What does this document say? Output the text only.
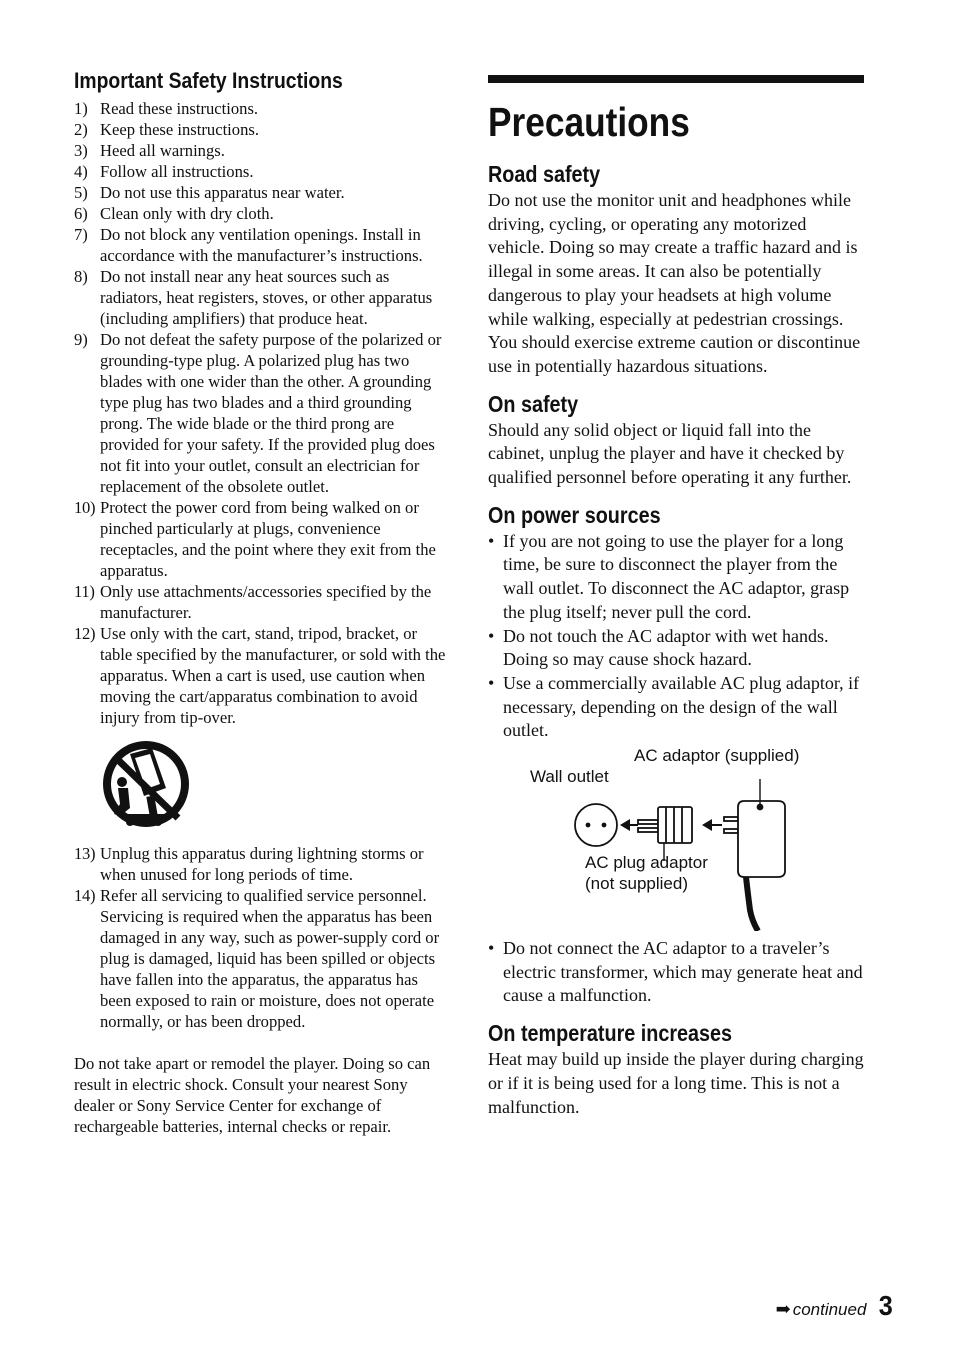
Important Safety Instructions
1) Read these instructions.
2) Keep these instructions.
3) Heed all warnings.
4) Follow all instructions.
5) Do not use this apparatus near water.
6) Clean only with dry cloth.
7) Do not block any ventilation openings. Install in accordance with the manufacturer’s instructions.
8) Do not install near any heat sources such as radiators, heat registers, stoves, or other apparatus (including amplifiers) that produce heat.
9) Do not defeat the safety purpose of the polarized or grounding-type plug. A polarized plug has two blades with one wider than the other. A grounding type plug has two blades and a third grounding prong. The wide blade or the third prong are provided for your safety. If the provided plug does not fit into your outlet, consult an electrician for replacement of the obsolete outlet.
10) Protect the power cord from being walked on or pinched particularly at plugs, convenience receptacles, and the point where they exit from the apparatus.
11) Only use attachments/accessories specified by the manufacturer.
12) Use only with the cart, stand, tripod, bracket, or table specified by the manufacturer, or sold with the apparatus. When a cart is used, use caution when moving the cart/apparatus combination to avoid injury from tip-over.
13) Unplug this apparatus during lightning storms or when unused for long periods of time.
14) Refer all servicing to qualified service personnel. Servicing is required when the apparatus has been damaged in any way, such as power-supply cord or plug is damaged, liquid has been spilled or objects have fallen into the apparatus, the apparatus has been exposed to rain or moisture, does not operate normally, or has been dropped.

Do not take apart or remodel the player. Doing so can result in electric shock. Consult your nearest Sony dealer or Sony Service Center for exchange of rechargeable batteries, internal checks or repair.

Precautions
Road safety

Do not use the monitor unit and headphones while driving, cycling, or operating any motorized vehicle. Doing so may create a traffic hazard and is illegal in some areas. It can also be potentially dangerous to play your headsets at high volume while walking, especially at pedestrian crossings. You should exercise extreme caution or discontinue use in potentially hazardous situations.

On safety

Should any solid object or liquid fall into the cabinet, unplug the player and have it checked by qualified personnel before operating it any further.

On power sources
• If you are not going to use the player for a long time, be sure to disconnect the player from the wall outlet. To disconnect the AC adaptor, grasp the plug itself; never pull the cord.
• Do not touch the AC adaptor with wet hands. Doing so may cause shock hazard.
• Use a commercially available AC plug adaptor, if necessary, depending on the design of the wall outlet.
AC adaptor (supplied)
Wall outlet
AC plug adaptor
(not supplied)
• Do not connect the AC adaptor to a traveler’s electric transformer, which may generate heat and cause a malfunction.
On temperature increases

Heat may build up inside the player during charging or if it is being used for a long time. This is not a malfunction.

➡ continued 3
